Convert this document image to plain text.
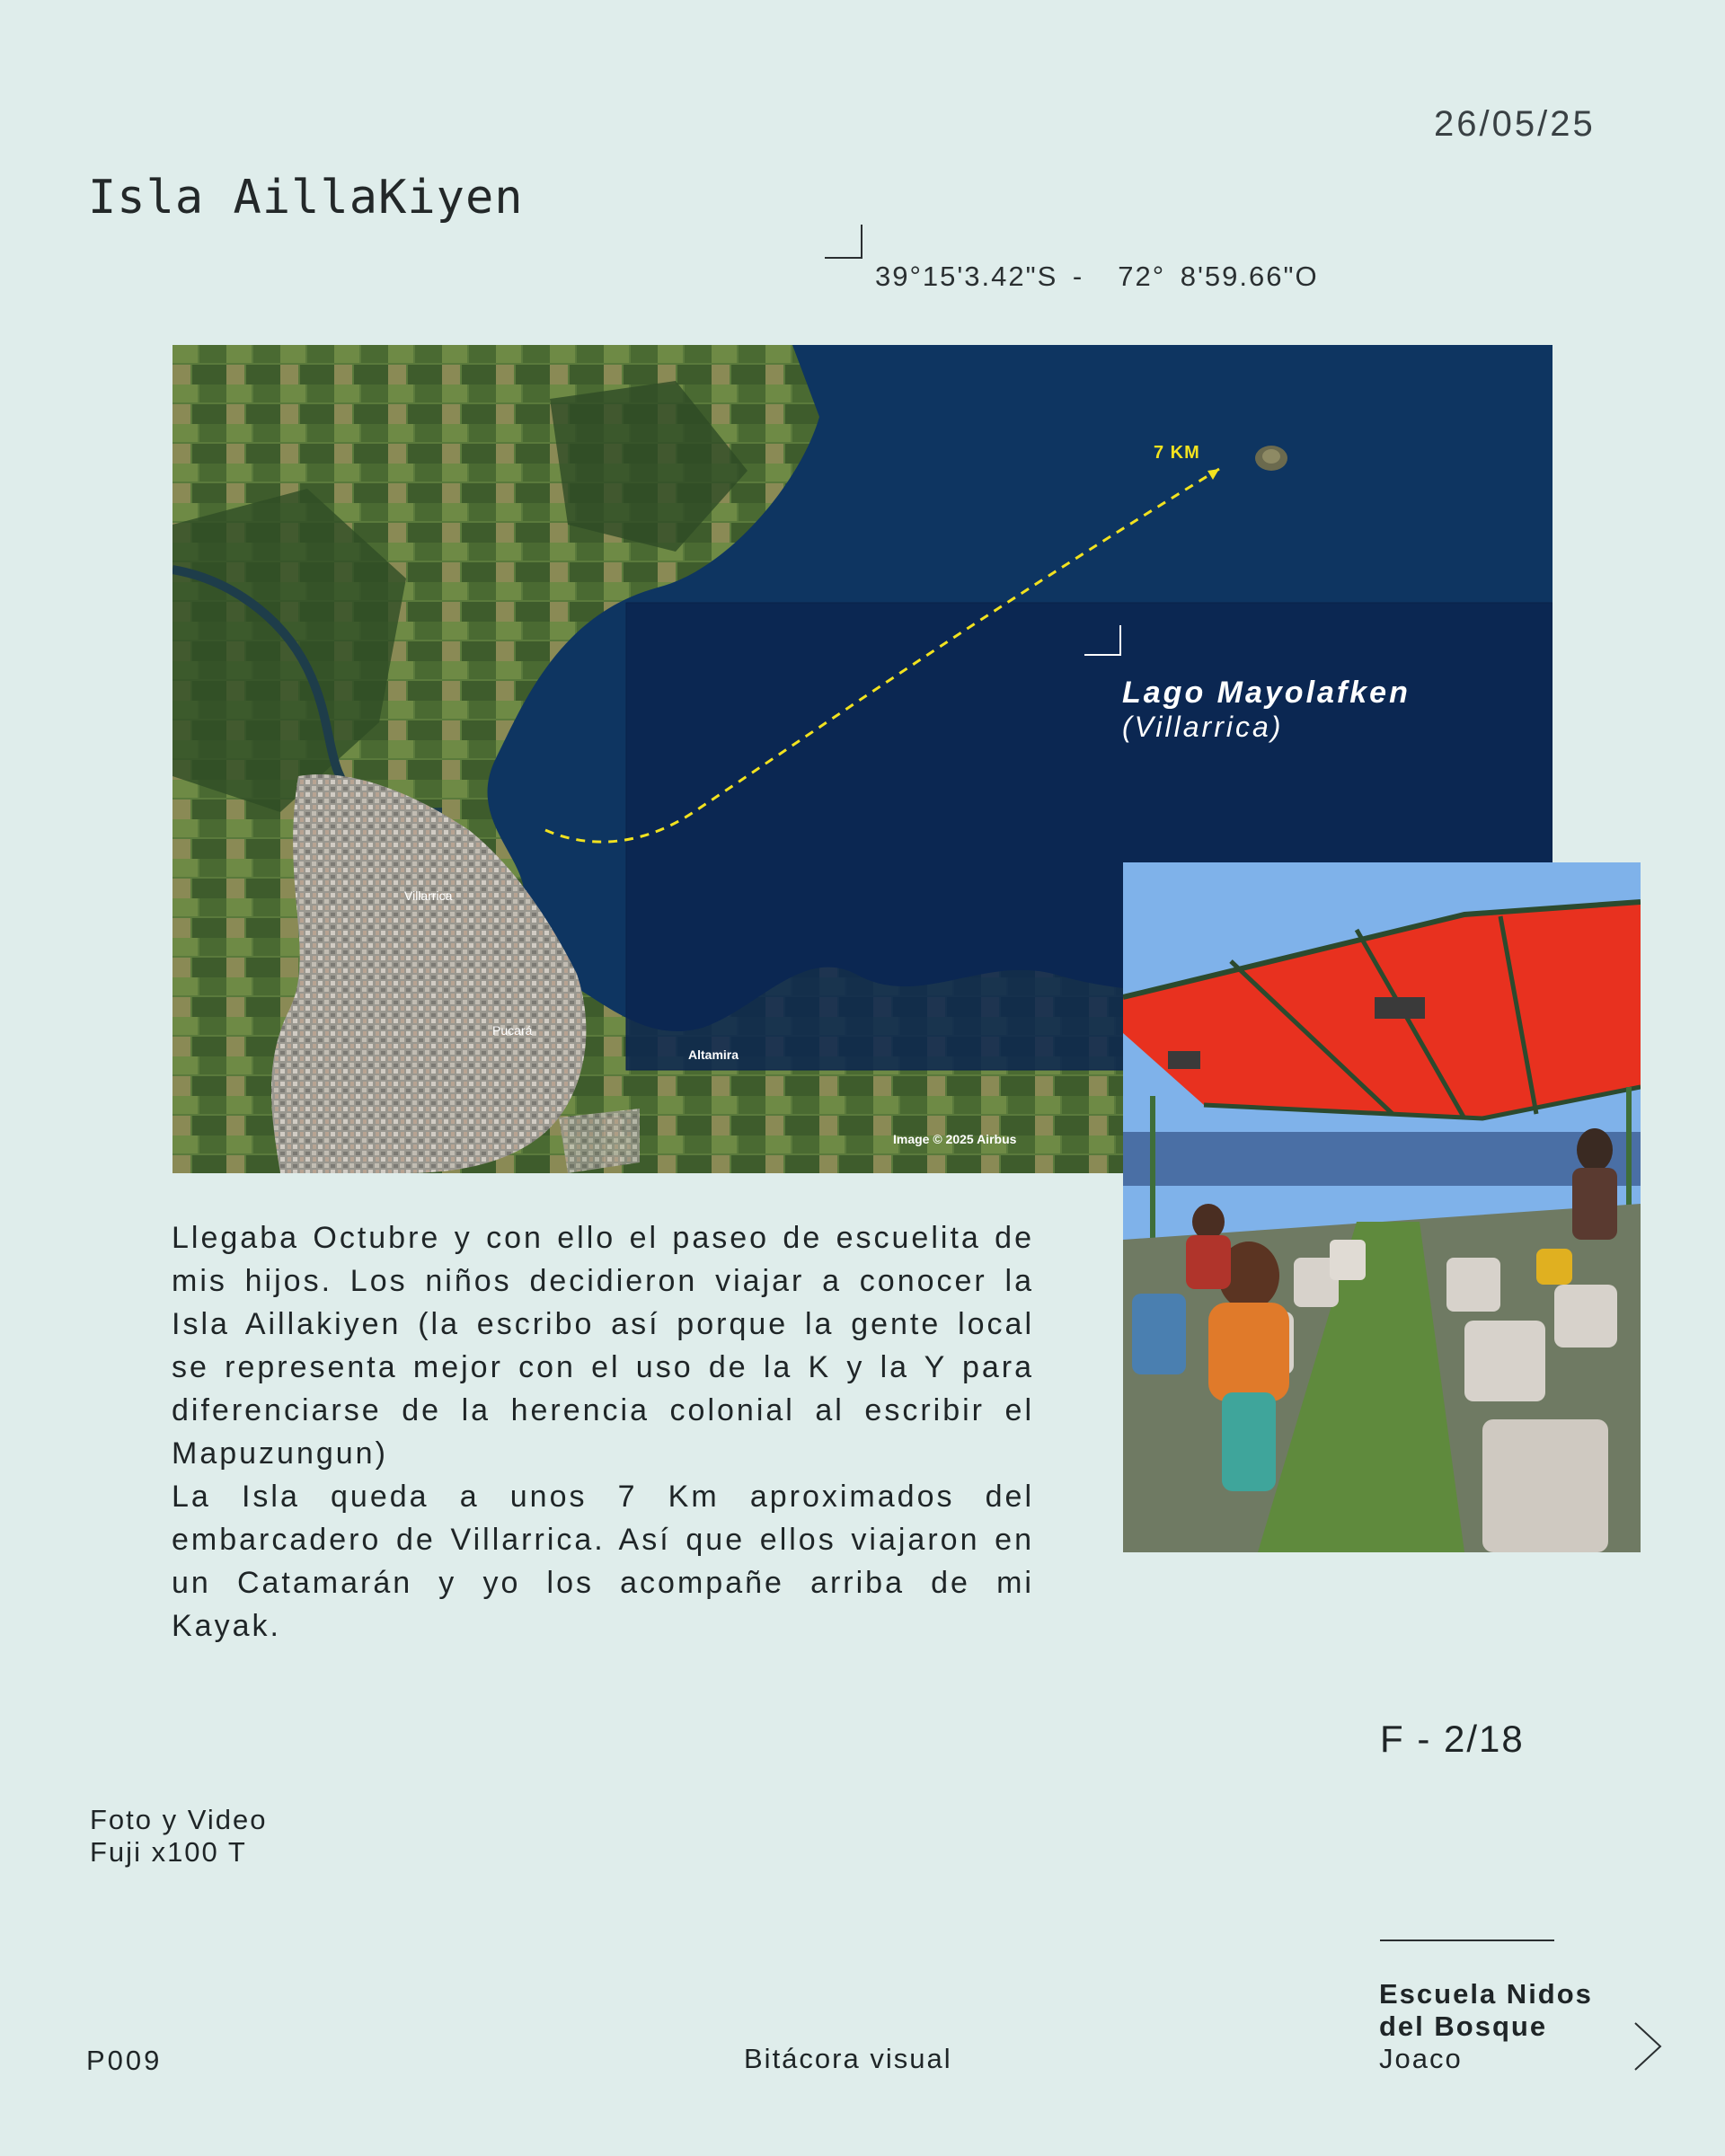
26/05/25
Isla AillaKiyen
39°15'3.42"S - 72° 8'59.66"O
7 KM
Lago Mayolafken
(Villarrica)
Villarrica
Pucará
Altamira
Image © 2025 Airbus

Llegaba Octubre y con ello el paseo de escuelita de mis hijos. Los niños decidieron viajar a conocer la Isla Aillakiyen (la escribo así porque la gente local se representa mejor con el uso de la K y la Y para diferenciarse de la herencia colonial al escribir el Mapuzungun)

La Isla queda a unos 7 Km aproximados del embarcadero de Villarrica. Así que ellos viajaron en un Catamarán y yo los acompañe arriba de mi Kayak.

F - 2/18
Foto y Video
Fuji x100 T
P009	Bitácora visual
Escuela Nidos
del Bosque
Joaco
